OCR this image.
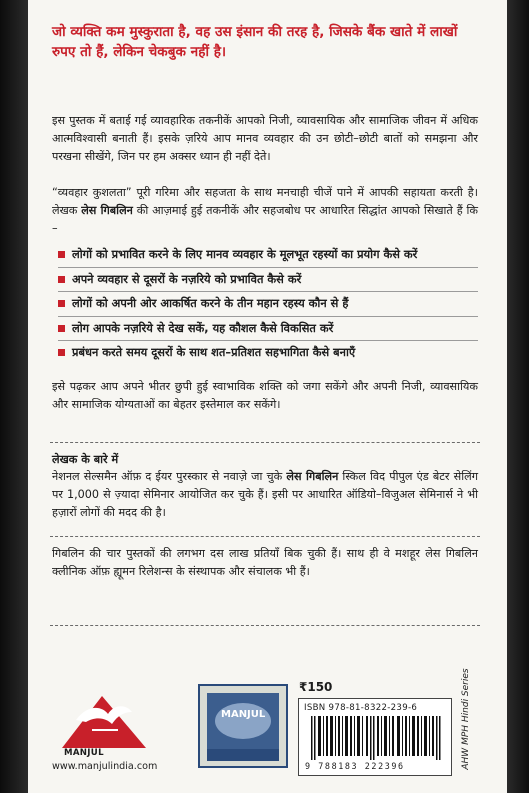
जो व्यक्ति कम मुस्कुराता है, वह उस इंसान की तरह है, जिसके बैंक खाते में लाखों रुपए तो हैं, लेकिन चेकबुक नहीं है।
इस पुस्तक में बताई गई व्यावहारिक तकनीकें आपको निजी, व्यावसायिक और सामाजिक जीवन में अधिक आत्मविश्वासी बनाती हैं। इसके ज़रिये आप मानव व्यवहार की उन छोटी–छोटी बातों को समझना और परखना सीखेंगे, जिन पर हम अक्सर ध्यान ही नहीं देते।
“व्यवहार कुशलता” पूरी गरिमा और सहजता के साथ मनचाही चीजें पाने में आपकी सहायता करती है। लेखक लेस गिबलिन की आज़माई हुई तकनीकें और सहजबोध पर आधारित सिद्धांत आपको सिखाते हैं कि –
लोगों को प्रभावित करने के लिए मानव व्यवहार के मूलभूत रहस्यों का प्रयोग कैसे करें
अपने व्यवहार से दूसरों के नज़रिये को प्रभावित कैसे करें
लोगों को अपनी ओर आकर्षित करने के तीन महान रहस्य कौन से हैं
लोग आपके नज़रिये से देख सकें, यह कौशल कैसे विकसित करें
प्रबंधन करते समय दूसरों के साथ शत–प्रतिशत सहभागिता कैसे बनाएँ
इसे पढ़कर आप अपने भीतर छुपी हुई स्वाभाविक शक्ति को जगा सकेंगे और अपनी निजी, व्यावसायिक और सामाजिक योग्यताओं का बेहतर इस्तेमाल कर सकेंगे।
लेखक के बारे में
नेशनल सेल्समैन ऑफ़ द ईयर पुरस्कार से नवाज़े जा चुके लेस गिबलिन स्किल विद पीपुल एंड बेटर सेलिंग पर 1,000 से ज़्यादा सेमिनार आयोजित कर चुके हैं। इसी पर आधारित ऑडियो–विजुअल सेमिनार्स ने भी हज़ारों लोगों की मदद की है।
गिबलिन की चार पुस्तकों की लगभग दस लाख प्रतियाँ बिक चुकी हैं। साथ ही वे मशहूर लेस गिबलिन क्लीनिक ऑफ़ ह्यूमन रिलेशन्स के संस्थापक और संचालक भी हैं।
MANJUL
MANJUL
www.manjulindia.com
₹150
ISBN 978-81-8322-239-6
9 788183 222396	AHW MPH Hindi Series
